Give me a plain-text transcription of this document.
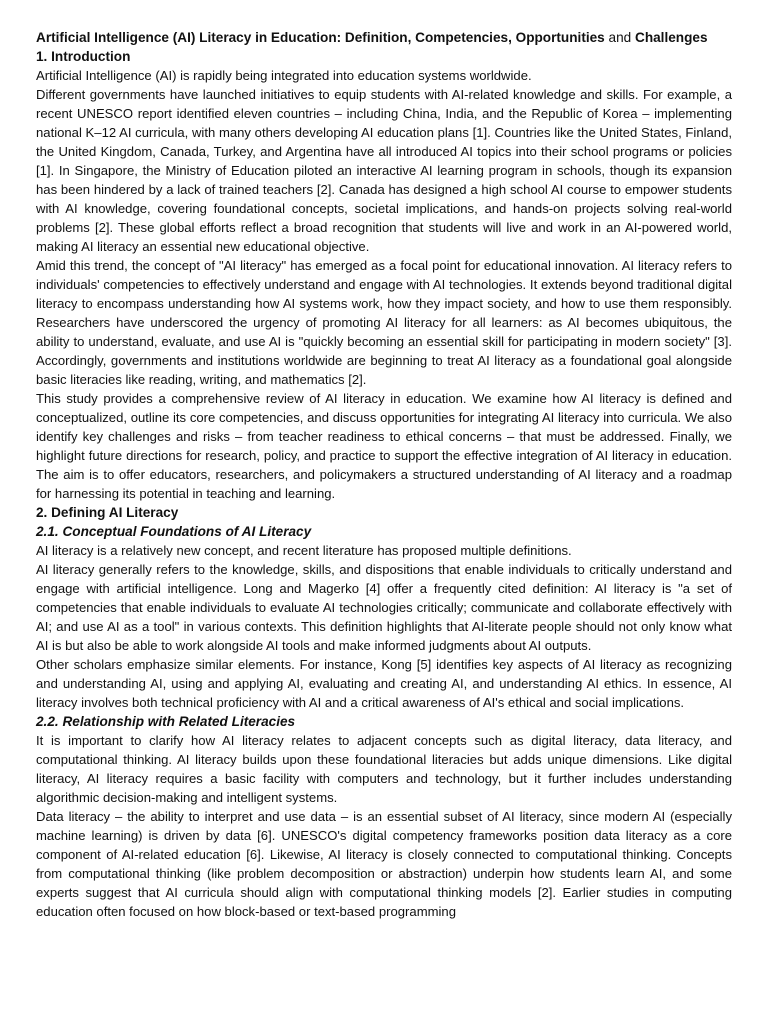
Artificial Intelligence (AI) Literacy in Education: Definition, Competencies, Opportunities and Challenges
1. Introduction

Artificial Intelligence (AI) is rapidly being integrated into education systems worldwide.

Different governments have launched initiatives to equip students with AI-related knowledge and skills. For example, a recent UNESCO report identified eleven countries – including China, India, and the Republic of Korea – implementing national K–12 AI curricula, with many others developing AI education plans [1]. Countries like the United States, Finland, the United Kingdom, Canada, Turkey, and Argentina have all introduced AI topics into their school programs or policies [1]. In Singapore, the Ministry of Education piloted an interactive AI learning program in schools, though its expansion has been hindered by a lack of trained teachers [2]. Canada has designed a high school AI course to empower students with AI knowledge, covering foundational concepts, societal implications, and hands-on projects solving real-world problems [2]. These global efforts reflect a broad recognition that students will live and work in an AI-powered world, making AI literacy an essential new educational objective.

Amid this trend, the concept of "AI literacy" has emerged as a focal point for educational innovation. AI literacy refers to individuals' competencies to effectively understand and engage with AI technologies. It extends beyond traditional digital literacy to encompass understanding how AI systems work, how they impact society, and how to use them responsibly. Researchers have underscored the urgency of promoting AI literacy for all learners: as AI becomes ubiquitous, the ability to understand, evaluate, and use AI is "quickly becoming an essential skill for participating in modern society" [3]. Accordingly, governments and institutions worldwide are beginning to treat AI literacy as a foundational goal alongside basic literacies like reading, writing, and mathematics [2].

This study provides a comprehensive review of AI literacy in education. We examine how AI literacy is defined and conceptualized, outline its core competencies, and discuss opportunities for integrating AI literacy into curricula. We also identify key challenges and risks – from teacher readiness to ethical concerns – that must be addressed. Finally, we highlight future directions for research, policy, and practice to support the effective integration of AI literacy in education. The aim is to offer educators, researchers, and policymakers a structured understanding of AI literacy and a roadmap for harnessing its potential in teaching and learning.

2. Defining AI Literacy
2.1. Conceptual Foundations of AI Literacy

AI literacy is a relatively new concept, and recent literature has proposed multiple definitions.

AI literacy generally refers to the knowledge, skills, and dispositions that enable individuals to critically understand and engage with artificial intelligence. Long and Magerko [4] offer a frequently cited definition: AI literacy is "a set of competencies that enable individuals to evaluate AI technologies critically; communicate and collaborate effectively with AI; and use AI as a tool" in various contexts. This definition highlights that AI-literate people should not only know what AI is but also be able to work alongside AI tools and make informed judgments about AI outputs.

Other scholars emphasize similar elements. For instance, Kong [5] identifies key aspects of AI literacy as recognizing and understanding AI, using and applying AI, evaluating and creating AI, and understanding AI ethics. In essence, AI literacy involves both technical proficiency with AI and a critical awareness of AI's ethical and social implications.

2.2. Relationship with Related Literacies

It is important to clarify how AI literacy relates to adjacent concepts such as digital literacy, data literacy, and computational thinking. AI literacy builds upon these foundational literacies but adds unique dimensions. Like digital literacy, AI literacy requires a basic facility with computers and technology, but it further includes understanding algorithmic decision-making and intelligent systems.

Data literacy – the ability to interpret and use data – is an essential subset of AI literacy, since modern AI (especially machine learning) is driven by data [6]. UNESCO's digital competency frameworks position data literacy as a core component of AI-related education [6]. Likewise, AI literacy is closely connected to computational thinking. Concepts from computational thinking (like problem decomposition or abstraction) underpin how students learn AI, and some experts suggest that AI curricula should align with computational thinking models [2]. Earlier studies in computing education often focused on how block-based or text-based programming
